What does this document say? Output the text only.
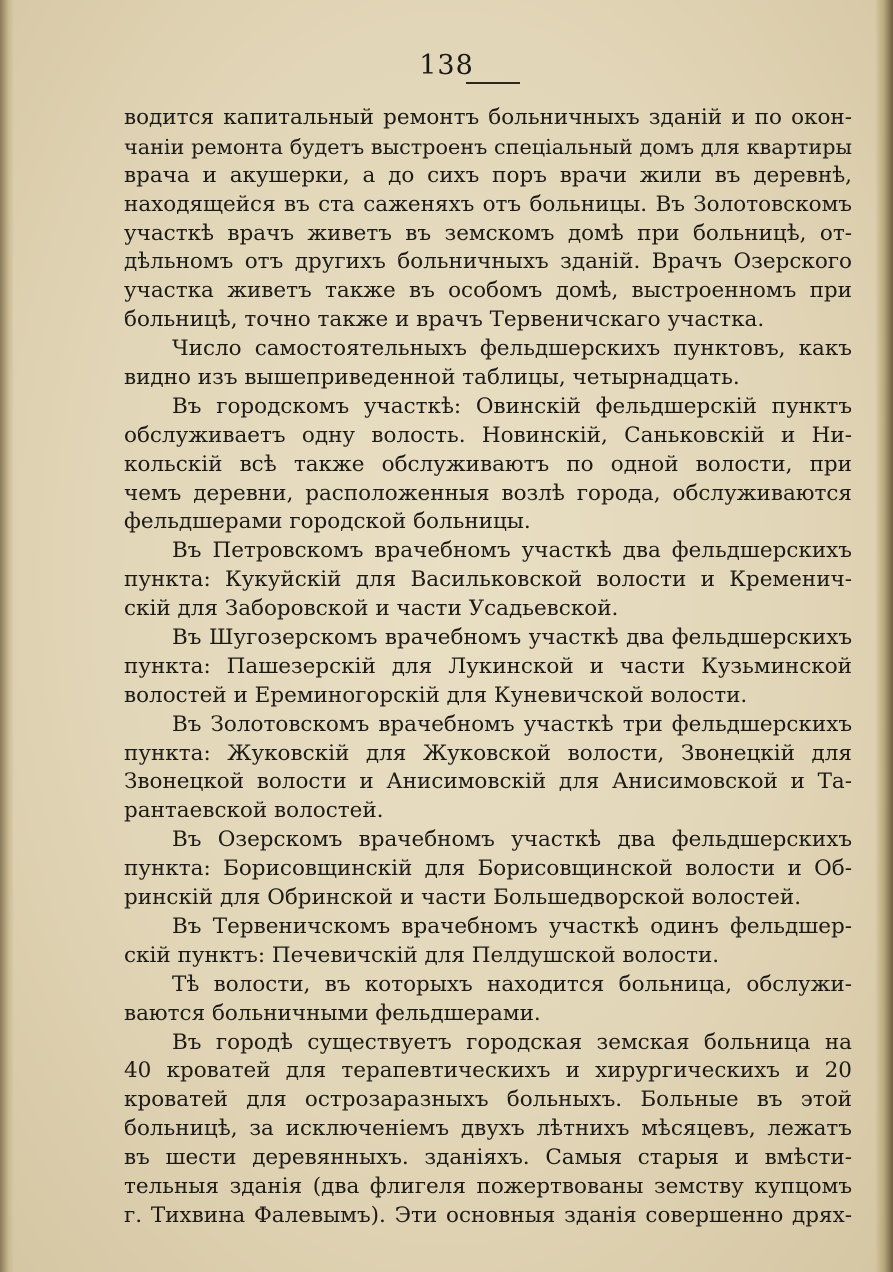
138
водится капитальный ремонтъ больничныхъ зданій и по окон-
чаніи ремонта будетъ выстроенъ спеціальный домъ для квартиры
врача и акушерки, а до сихъ поръ врачи жили въ деревнѣ,
находящейся въ ста саженяхъ отъ больницы. Въ Золотовскомъ
участкѣ врачъ живетъ въ земскомъ домѣ при больницѣ, от-
дѣльномъ отъ другихъ больничныхъ зданій. Врачъ Озерского
участка живетъ также въ особомъ домѣ, выстроенномъ при
больницѣ, точно также и врачъ Тервеничскаго участка.
Число самостоятельныхъ фельдшерскихъ пунктовъ, какъ
видно изъ вышеприведенной таблицы, четырнадцать.
Въ городскомъ участкѣ: Овинскій фельдшерскій пунктъ
обслуживаетъ одну волость. Новинскій, Саньковскій и Ни-
кольскій всѣ также обслуживаютъ по одной волости, при
чемъ деревни, расположенныя возлѣ города, обслуживаются
фельдшерами городской больницы.
Въ Петровскомъ врачебномъ участкѣ два фельдшерскихъ
пункта: Кукуйскій для Васильковской волости и Кременич-
скій для Заборовской и части Усадьевской.
Въ Шугозерскомъ врачебномъ участкѣ два фельдшерскихъ
пункта: Пашезерскій для Лукинской и части Кузьминской
волостей и Ереминогорскій для Куневичской волости.
Въ Золотовскомъ врачебномъ участкѣ три фельдшерскихъ
пункта: Жуковскій для Жуковской волости, Звонецкій для
Звонецкой волости и Анисимовскій для Анисимовской и Та-
рантаевской волостей.
Въ Озерскомъ врачебномъ участкѣ два фельдшерскихъ
пункта: Борисовщинскій для Борисовщинской волости и Об-
ринскій для Обринской и части Большедворской волостей.
Въ Тервеничскомъ врачебномъ участкѣ одинъ фельдшер-
скій пунктъ: Печевичскій для Пелдушской волости.
Тѣ волости, въ которыхъ находится больница, обслужи-
ваются больничными фельдшерами.
Въ городѣ существуетъ городская земская больница на
40 кроватей для терапевтическихъ и хирургическихъ и 20
кроватей для острозаразныхъ больныхъ. Больные въ этой
больницѣ, за исключеніемъ двухъ лѣтнихъ мѣсяцевъ, лежатъ
въ шести деревянныхъ. зданіяхъ. Самыя старыя и вмѣсти-
тельныя зданія (два флигеля пожертвованы земству купцомъ
г. Тихвина Фалевымъ). Эти основныя зданія совершенно дрях-
